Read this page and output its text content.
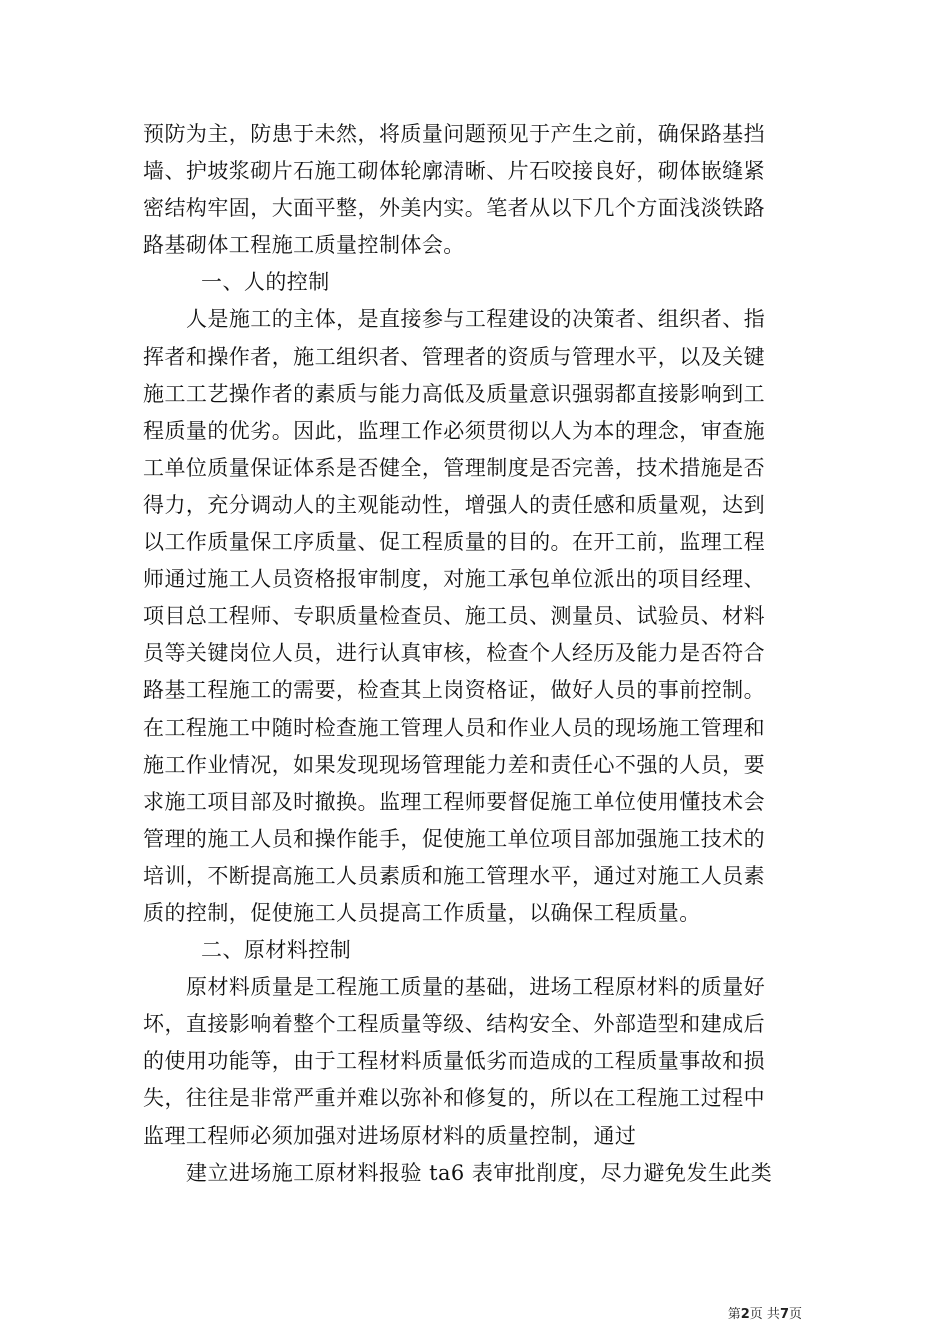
预防为主，防患于未然，将质量问题预见于产生之前，确保路基挡
墙、护坡浆砌片石施工砌体轮廓清晰、片石咬接良好，砌体嵌缝紧
密结构牢固，大面平整，外美内实。笔者从以下几个方面浅淡铁路
路基砌体工程施工质量控制体会。
一、人的控制
人是施工的主体，是直接参与工程建设的决策者、组织者、指
挥者和操作者，施工组织者、管理者的资质与管理水平，以及关键
施工工艺操作者的素质与能力高低及质量意识强弱都直接影响到工
程质量的优劣。因此，监理工作必须贯彻以人为本的理念，审查施
工单位质量保证体系是否健全，管理制度是否完善，技术措施是否
得力，充分调动人的主观能动性，增强人的责任感和质量观，达到
以工作质量保工序质量、促工程质量的目的。在开工前，监理工程
师通过施工人员资格报审制度，对施工承包单位派出的项目经理、
项目总工程师、专职质量检查员、施工员、测量员、试验员、材料
员等关键岗位人员，进行认真审核，检查个人经历及能力是否符合
路基工程施工的需要，检查其上岗资格证，做好人员的事前控制。
在工程施工中随时检查施工管理人员和作业人员的现场施工管理和
施工作业情况，如果发现现场管理能力差和责任心不强的人员，要
求施工项目部及时撤换。监理工程师要督促施工单位使用懂技术会
管理的施工人员和操作能手，促使施工单位项目部加强施工技术的
培训，不断提高施工人员素质和施工管理水平，通过对施工人员素
质的控制，促使施工人员提高工作质量，以确保工程质量。
二、原材料控制
原材料质量是工程施工质量的基础，进场工程原材料的质量好
坏，直接影响着整个工程质量等级、结构安全、外部造型和建成后
的使用功能等，由于工程材料质量低劣而造成的工程质量事故和损
失，往往是非常严重并难以弥补和修复的，所以在工程施工过程中
监理工程师必须加强对进场原材料的质量控制，通过
建立进场施工原材料报验 ta6 表审批削度，尽力避免发生此类
第2页 共7页
